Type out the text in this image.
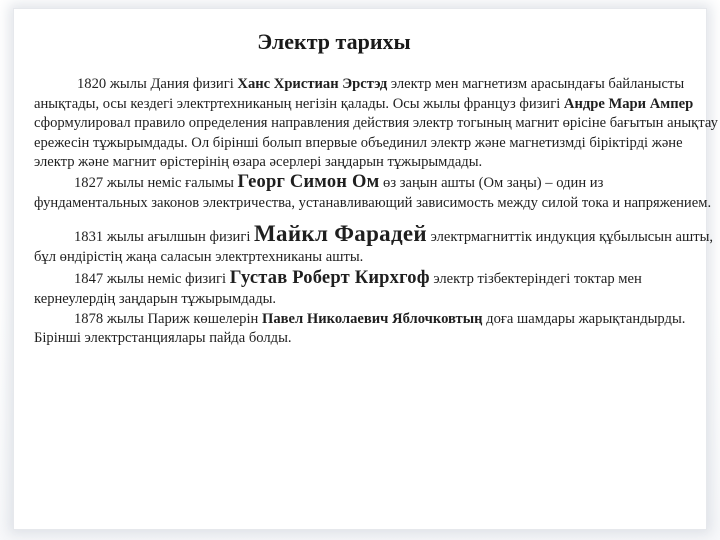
Электр тарихы

1820 жылы Дания физигі Ханс Христиан Эрстэд электр мен магнетизм арасындағы байланысты анықтады, осы кездегі электртехниканың негізін қалады. Осы жылы француз физигі Андре Мари Ампер сформулировал правило определения направления действия электр тогының магнит өрісіне бағытын анықтау ережесін тұжырымдады. Ол бірінші болып впервые объединил электр және магнетизмді біріктірді және электр және магнит өрістерінің өзара әсерлері заңдарын тұжырымдады.

1827 жылы неміс ғалымы Георг Симон Ом өз заңын ашты (Ом заңы) – один из фундаментальных законов электричества, устанавливающий зависимость между силой тока и напряжением.

1831 жылы ағылшын физигі Майкл Фарадей электрмагниттік индукция құбылысын ашты, бұл өндірістің жаңа саласын электртехниканы ашты.

1847 жылы неміс физигі Густав Роберт Кирхгоф электр тізбектеріндегі токтар мен кернеулердің заңдарын тұжырымдады.

1878 жылы Париж көшелерін Павел Николаевич Яблочковтың доға шамдары жарықтандырды. Бірінші электрстанциялары пайда болды.
